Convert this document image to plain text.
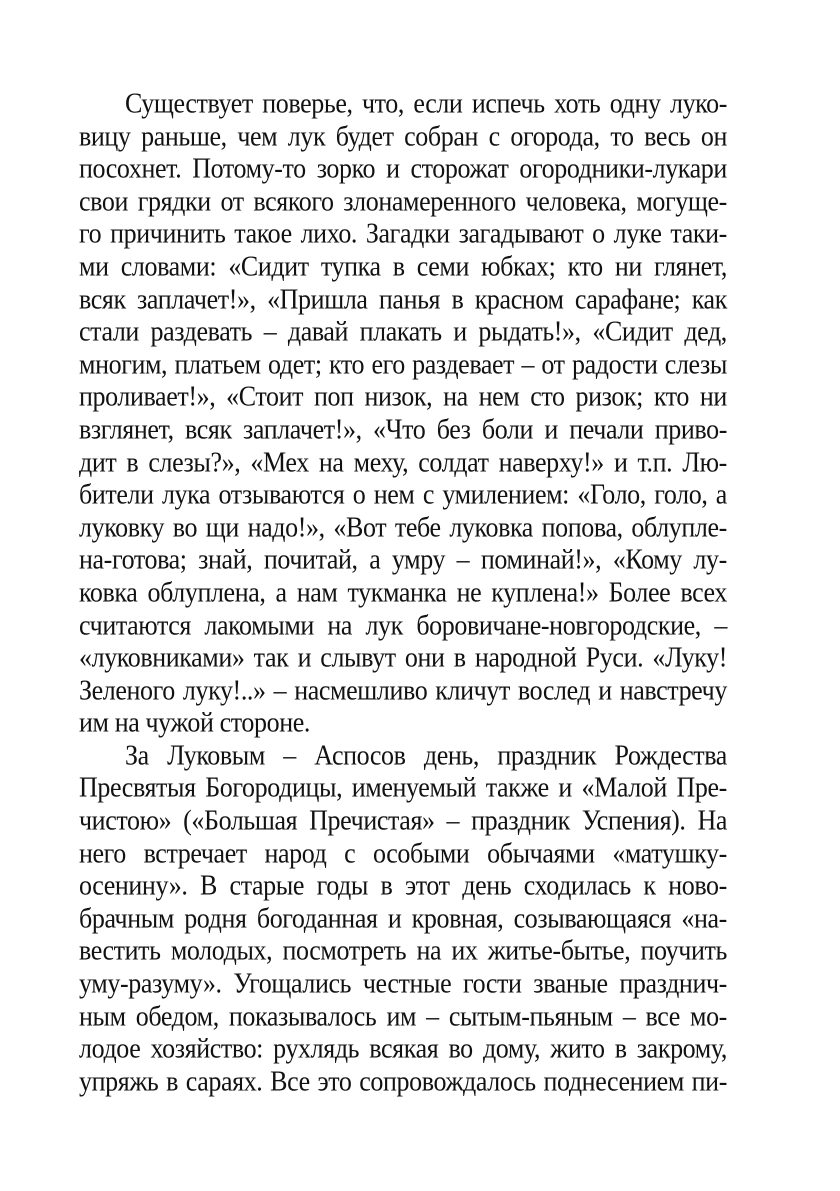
Существует поверье, что, если испечь хоть одну луко-
вицу раньше, чем лук будет собран с огорода, то весь он
посохнет. Потому-то зорко и сторожат огородники-лукари
свои грядки от всякого злонамеренного человека, могуще-
го причинить такое лихо. Загадки загадывают о луке таки-
ми словами: «Сидит тупка в семи юбках; кто ни глянет,
всяк заплачет!», «Пришла панья в красном сарафане; как
стали раздевать – давай плакать и рыдать!», «Сидит дед,
многим, платьем одет; кто его раздевает – от радости слезы
проливает!», «Стоит поп низок, на нем сто ризок; кто ни
взглянет, всяк заплачет!», «Что без боли и печали приво-
дит в слезы?», «Мех на меху, солдат наверху!» и т.п. Лю-
бители лука отзываются о нем с умилением: «Голо, голо, а
луковку во щи надо!», «Вот тебе луковка попова, облупле-
на-готова; знай, почитай, а умру – поминай!», «Кому лу-
ковка облуплена, а нам тукманка не куплена!» Более всех
считаются лакомыми на лук боровичане-новгородские, –
«луковниками» так и слывут они в народной Руси. «Луку!
Зеленого луку!..» – насмешливо кличут вослед и навстречу
им на чужой стороне.
За Луковым – Аспосов день, праздник Рождества
Пресвятыя Богородицы, именуемый также и «Малой Пре-
чистою» («Большая Пречистая» – праздник Успения). На
него встречает народ с особыми обычаями «матушку-
осенину». В старые годы в этот день сходилась к ново-
брачным родня богоданная и кровная, созывающаяся «на-
вестить молодых, посмотреть на их житье-бытье, поучить
уму-разуму». Угощались честные гости званые празднич-
ным обедом, показывалось им – сытым-пьяным – все мо-
лодое хозяйство: рухлядь всякая во дому, жито в закрому,
упряжь в сараях. Все это сопровождалось поднесением пи-
